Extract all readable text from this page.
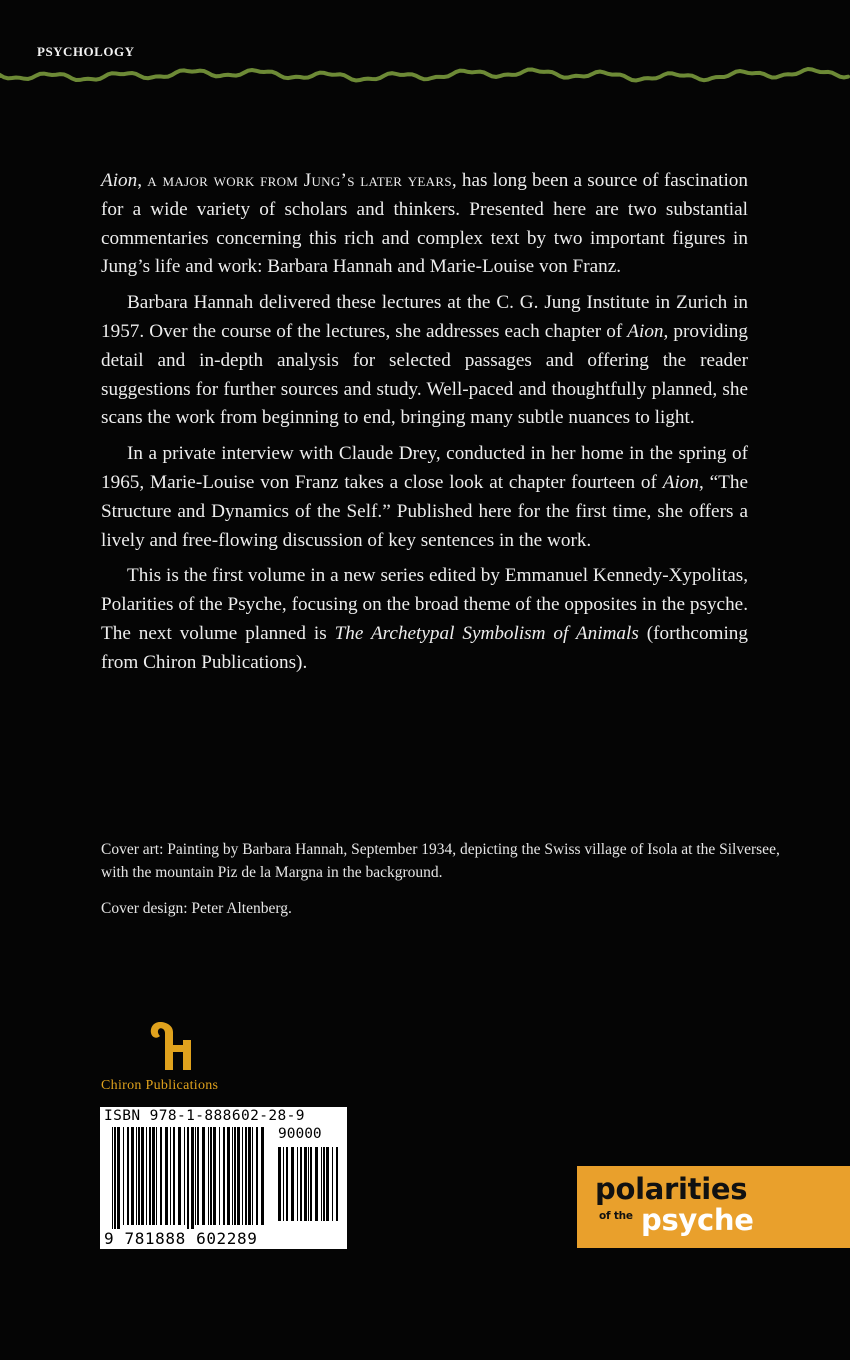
PSYCHOLOGY

Aion, a major work from Jung’s later years, has long been a source of fascination for a wide variety of scholars and thinkers. Presented here are two substantial commentaries concerning this rich and complex text by two important figures in Jung’s life and work: Barbara Hannah and Marie-Louise von Franz.

Barbara Hannah delivered these lectures at the C. G. Jung Institute in Zurich in 1957. Over the course of the lectures, she addresses each chapter of Aion, providing detail and in-depth analysis for selected passages and offering the reader suggestions for further sources and study. Well-paced and thoughtfully planned, she scans the work from beginning to end, bringing many subtle nuances to light.

In a private interview with Claude Drey, conducted in her home in the spring of 1965, Marie-Louise von Franz takes a close look at chapter fourteen of Aion, “The Structure and Dynamics of the Self.” Published here for the first time, she offers a lively and free-flowing discussion of key sentences in the work.

This is the first volume in a new series edited by Emmanuel Kennedy-Xypolitas, Polarities of the Psyche, focusing on the broad theme of the opposites in the psyche. The next volume planned is The Archetypal Symbolism of Animals (forthcoming from Chiron Publications).

Cover art: Painting by Barbara Hannah, September 1934, depicting the Swiss village of Isola at the Silversee, with the mountain Piz de la Margna in the background.

Cover design: Peter Altenberg.

Chiron Publications
ISBN 978-1-888602-28-9
90000
9 781888 602289
polarities
of the psyche
